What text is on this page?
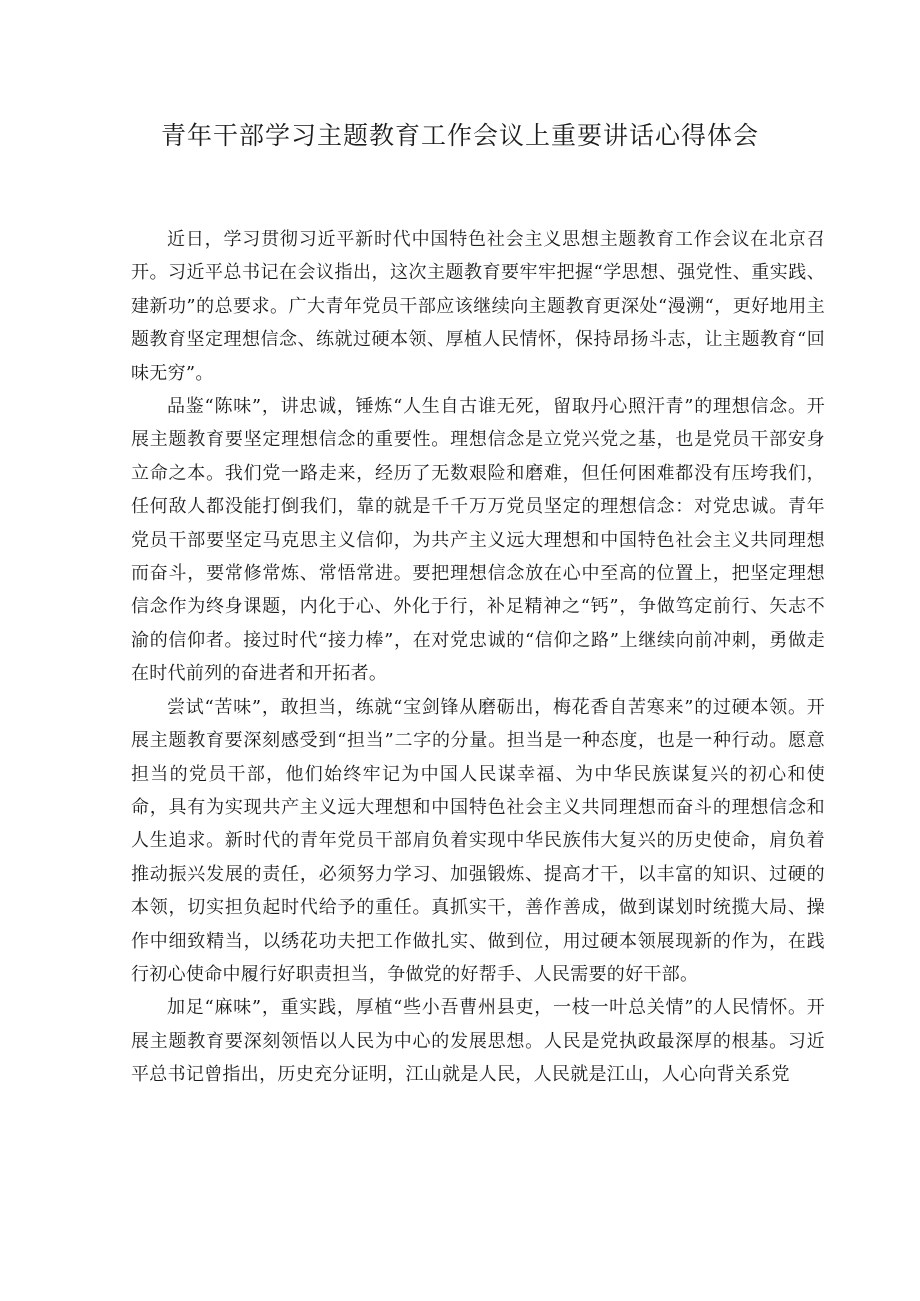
青年干部学习主题教育工作会议上重要讲话心得体会

近日，学习贯彻习近平新时代中国特色社会主义思想主题教育工作会议在北京召开。习近平总书记在会议指出，这次主题教育要牢牢把握“学思想、强党性、重实践、建新功”的总要求。广大青年党员干部应该继续向主题教育更深处“漫溯“，更好地用主题教育坚定理想信念、练就过硬本领、厚植人民情怀，保持昂扬斗志，让主题教育“回味无穷”。

品鉴“陈味”，讲忠诚，锤炼“人生自古谁无死，留取丹心照汗青”的理想信念。开展主题教育要坚定理想信念的重要性。理想信念是立党兴党之基，也是党员干部安身立命之本。我们党一路走来，经历了无数艰险和磨难，但任何困难都没有压垮我们，任何敌人都没能打倒我们，靠的就是千千万万党员坚定的理想信念：对党忠诚。青年党员干部要坚定马克思主义信仰，为共产主义远大理想和中国特色社会主义共同理想而奋斗，要常修常炼、常悟常进。要把理想信念放在心中至高的位置上，把坚定理想信念作为终身课题，内化于心、外化于行，补足精神之“钙”，争做笃定前行、矢志不渝的信仰者。接过时代“接力棒”，在对党忠诚的“信仰之路”上继续向前冲刺，勇做走在时代前列的奋进者和开拓者。

尝试“苦味”，敢担当，练就“宝剑锋从磨砺出，梅花香自苦寒来”的过硬本领。开展主题教育要深刻感受到“担当”二字的分量。担当是一种态度，也是一种行动。愿意担当的党员干部，他们始终牢记为中国人民谋幸福、为中华民族谋复兴的初心和使命，具有为实现共产主义远大理想和中国特色社会主义共同理想而奋斗的理想信念和人生追求。新时代的青年党员干部肩负着实现中华民族伟大复兴的历史使命，肩负着推动振兴发展的责任，必须努力学习、加强锻炼、提高才干，以丰富的知识、过硬的本领，切实担负起时代给予的重任。真抓实干，善作善成，做到谋划时统揽大局、操作中细致精当，以绣花功夫把工作做扎实、做到位，用过硬本领展现新的作为，在践行初心使命中履行好职责担当，争做党的好帮手、人民需要的好干部。

加足“麻味”，重实践，厚植“些小吾曹州县吏，一枝一叶总关情”的人民情怀。开展主题教育要深刻领悟以人民为中心的发展思想。人民是党执政最深厚的根基。习近平总书记曾指出，历史充分证明，江山就是人民，人民就是江山，人心向背关系党
